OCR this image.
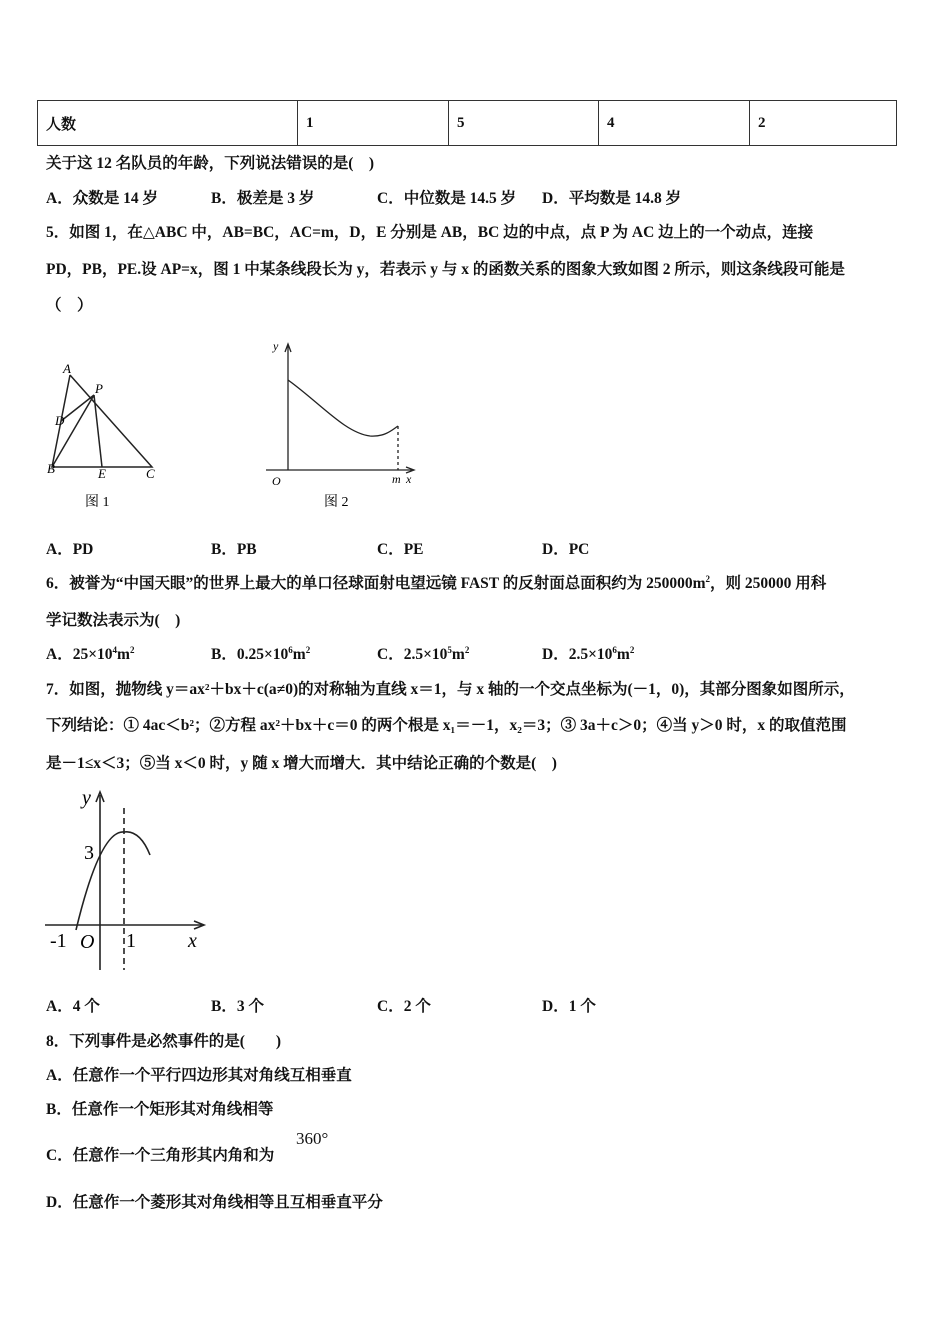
人数	1	5	4	2
关于这 12 名队员的年龄，下列说法错误的是(　)
A．众数是 14 岁	B．极差是 3 岁	C．中位数是 14.5 岁 D．平均数是 14.8 岁
5．如图 1，在△ABC 中，AB=BC，AC=m，D，E 分别是 AB，BC 边的中点，点 P 为 AC 边上的一个动点，连接
PD，PB，PE.设 AP=x，图 1 中某条线段长为 y，若表示 y 与 x 的函数关系的图象大致如图 2 所示，则这条线段可能是
（　）
A
P
D
B	E	C
图 1
y
O	m x
图 2
A．PD	B．PB	C．PE	D．PC
6．被誉为“中国天眼”的世界上最大的单口径球面射电望远镜 FAST 的反射面总面积约为 $250000m^2$，则 250000 用科
学记数法表示为(　)
A．$25\times 10^4m^2$	B．$0.25\times 10^6m^2$	C．$2.5\times 10^5m^2$	D．$2.5\times 10^6m^2$
7．如图，抛物线 y＝ax²＋bx＋c(a≠0)的对称轴为直线 x＝1，与 x 轴的一个交点坐标为(－1，0)，其部分图象如图所示，
下列结论：① 4ac＜b²；②方程 ax²＋bx＋c＝0 的两个根是 x₁＝－1，x₂＝3；③ 3a＋c＞0；④当 y＞0 时，x 的取值范围
是－1≤x＜3；⑤当 x＜0 时，y 随 x 增大而增大．其中结论正确的个数是(　)
y
3
-1 O 1	x
A．4 个	B．3 个	C．2 个	D．1 个
8．下列事件是必然事件的是(　　)
A．任意作一个平行四边形其对角线互相垂直
B．任意作一个矩形其对角线相等
C．任意作一个三角形其内角和为
360°
D．任意作一个菱形其对角线相等且互相垂直平分
